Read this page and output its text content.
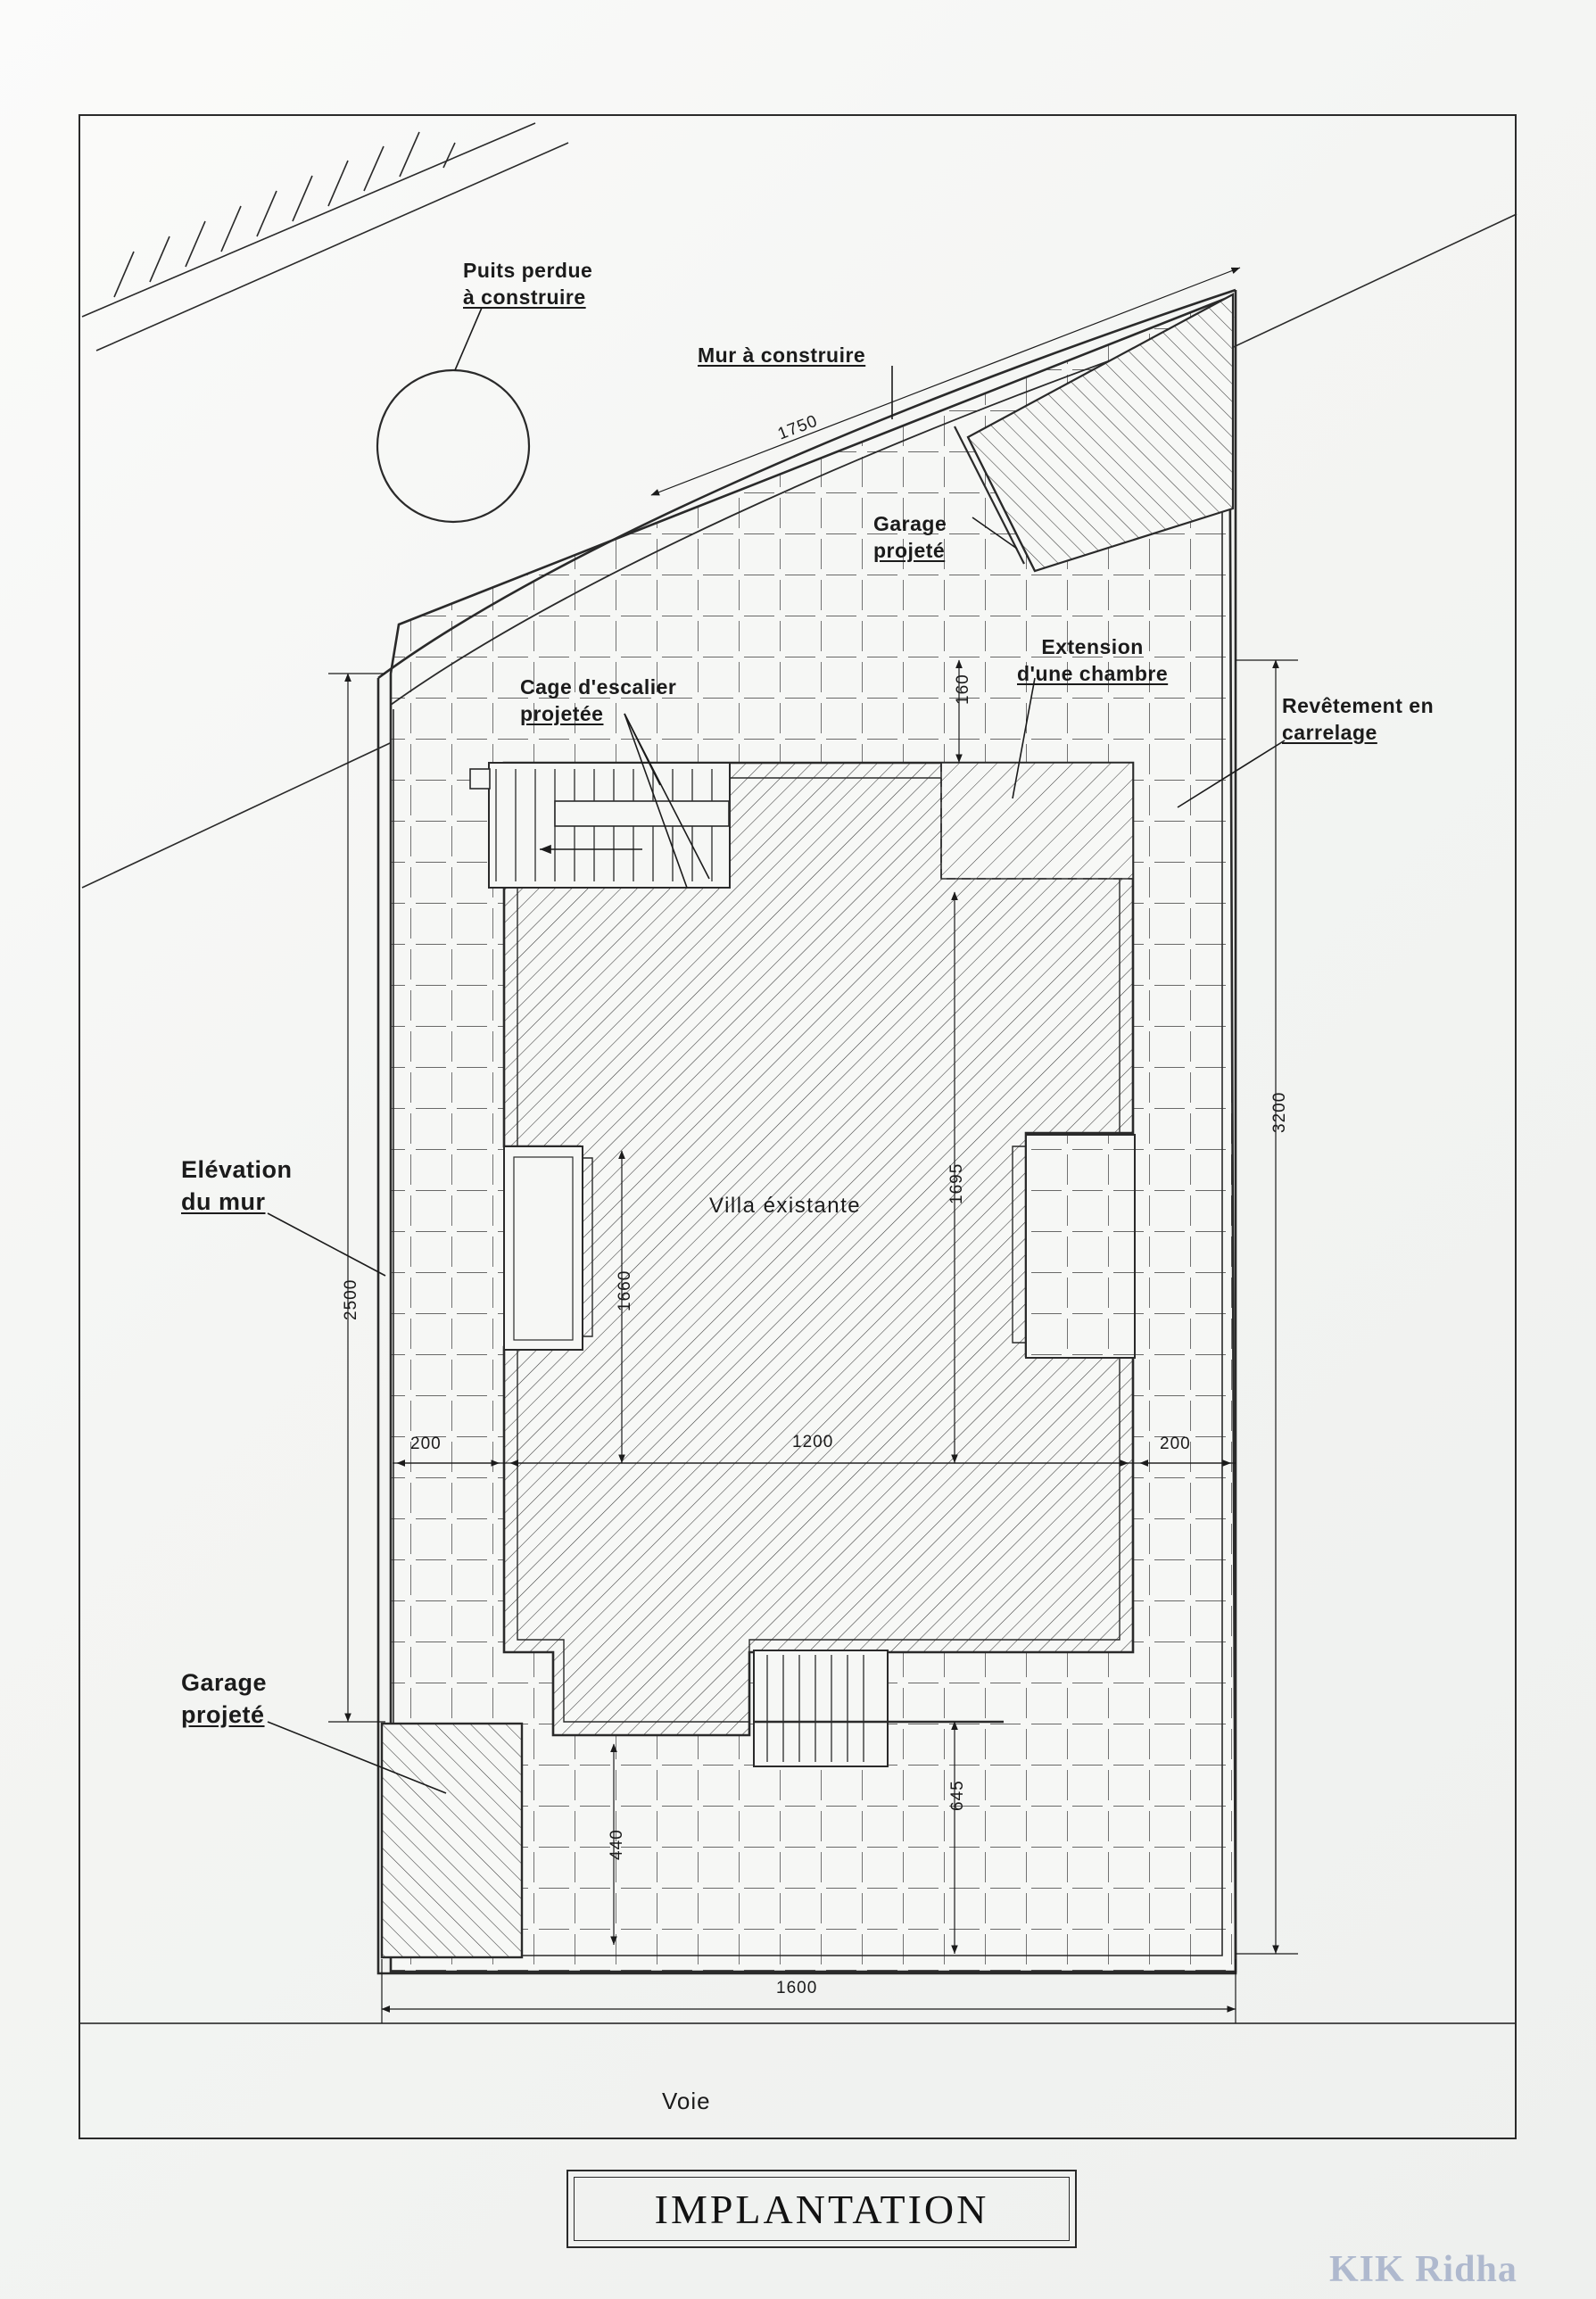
Puits perdue
à construire
Mur à construire
Garage
projeté
Extension
d'une chambre
Revêtement en
carrelage
Cage d'escalier
projetée
Elévation
du mur
Garage
projeté
Villa éxistante
1750
160
3200
2500
1695
1660
200	1200	200
645
440
1600
Voie
IMPLANTATION
KIK Ridha
